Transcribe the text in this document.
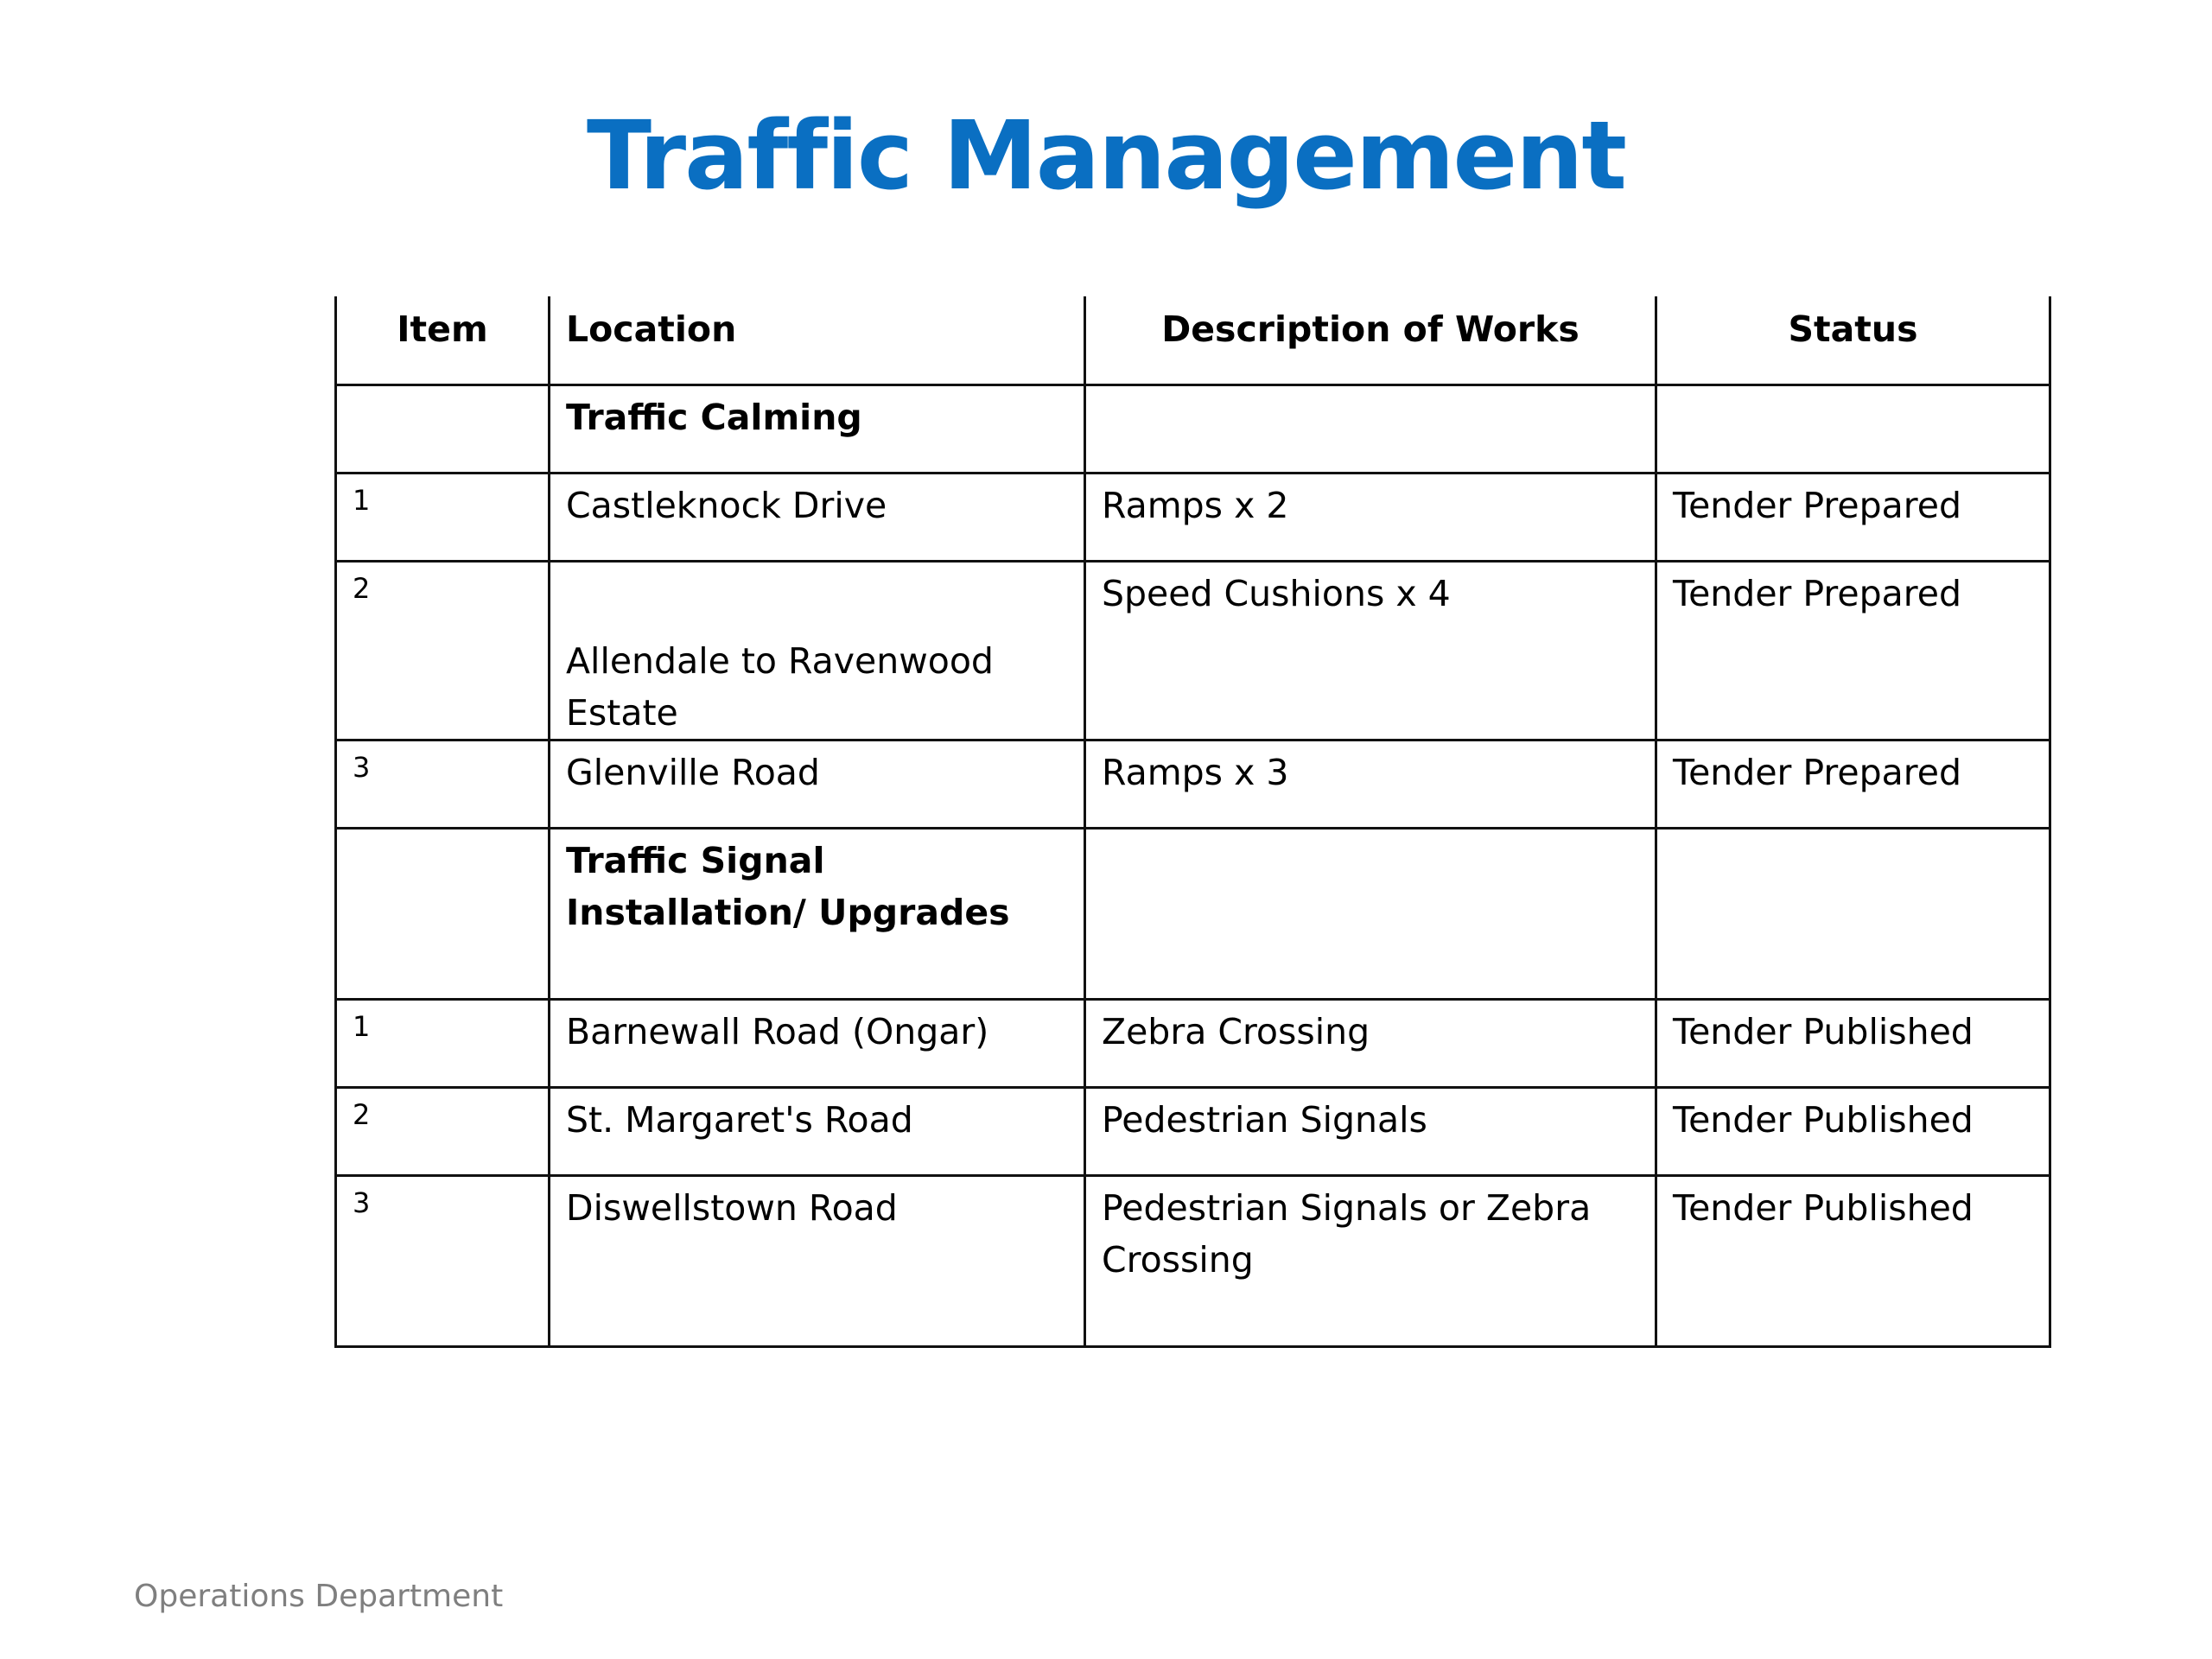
Traffic Management
Item	Location	Description of Works	Status
	Traffic Calming		
1	Castleknock Drive	Ramps x 2	Tender Prepared
2	Allendale to Ravenwood Estate	Speed Cushions x 4	Tender Prepared
3	Glenville Road	Ramps x 3	Tender Prepared
	Traffic Signal Installation/ Upgrades		
1	Barnewall Road (Ongar)	Zebra Crossing	Tender Published
2	St. Margaret's Road	Pedestrian Signals	Tender Published
3	Diswellstown Road	Pedestrian Signals or Zebra Crossing	Tender Published
Operations Department
